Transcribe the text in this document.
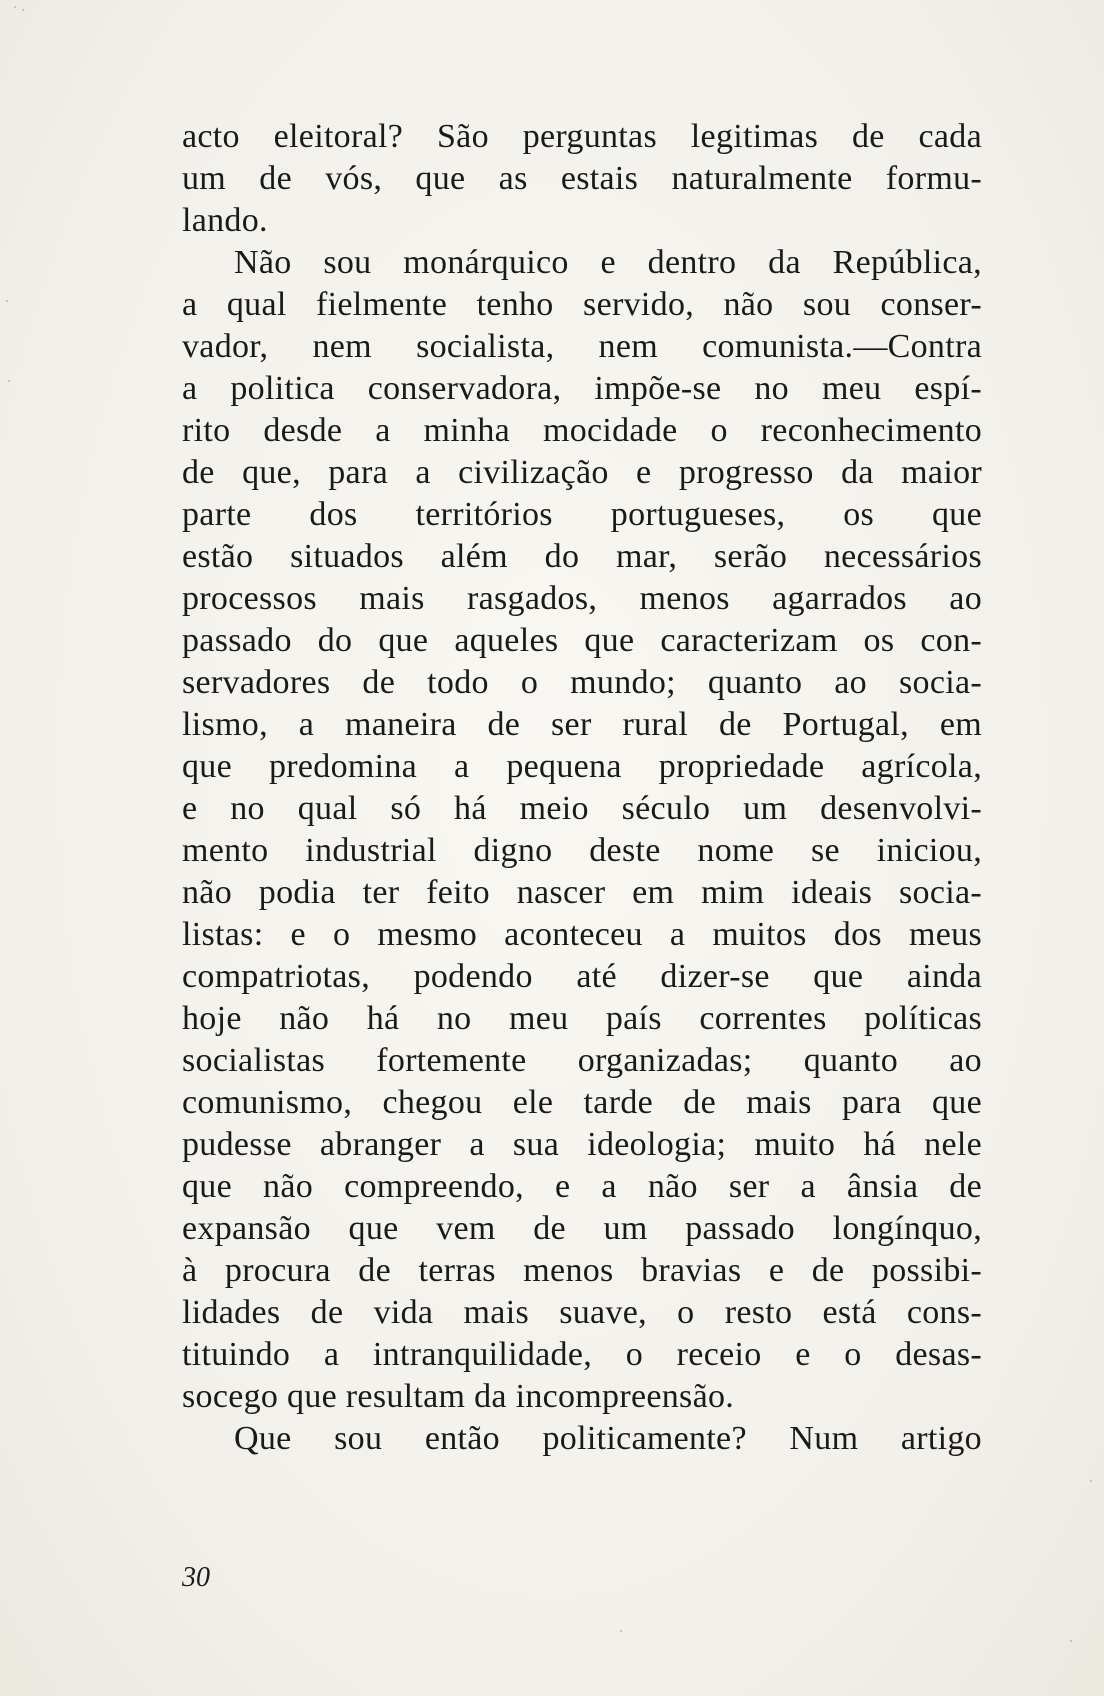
acto eleitoral? São perguntas legitimas de cada
um de vós, que as estais naturalmente formu-
lando.
Não sou monárquico e dentro da República,
a qual fielmente tenho servido, não sou conser-
vador, nem socialista, nem comunista.—Contra
a politica conservadora, impõe-se no meu espí-
rito desde a minha mocidade o reconhecimento
de que, para a civilização e progresso da maior
parte dos territórios portugueses, os que
estão situados além do mar, serão necessários
processos mais rasgados, menos agarrados ao
passado do que aqueles que caracterizam os con-
servadores de todo o mundo; quanto ao socia-
lismo, a maneira de ser rural de Portugal, em
que predomina a pequena propriedade agrícola,
e no qual só há meio século um desenvolvi-
mento industrial digno deste nome se iniciou,
não podia ter feito nascer em mim ideais socia-
listas: e o mesmo aconteceu a muitos dos meus
compatriotas, podendo até dizer-se que ainda
hoje não há no meu país correntes políticas
socialistas fortemente organizadas; quanto ao
comunismo, chegou ele tarde de mais para que
pudesse abranger a sua ideologia; muito há nele
que não compreendo, e a não ser a ânsia de
expansão que vem de um passado longínquo,
à procura de terras menos bravias e de possibi-
lidades de vida mais suave, o resto está cons-
tituindo a intranquilidade, o receio e o desas-
socego que resultam da incompreensão.
Que sou então politicamente? Num artigo
30
